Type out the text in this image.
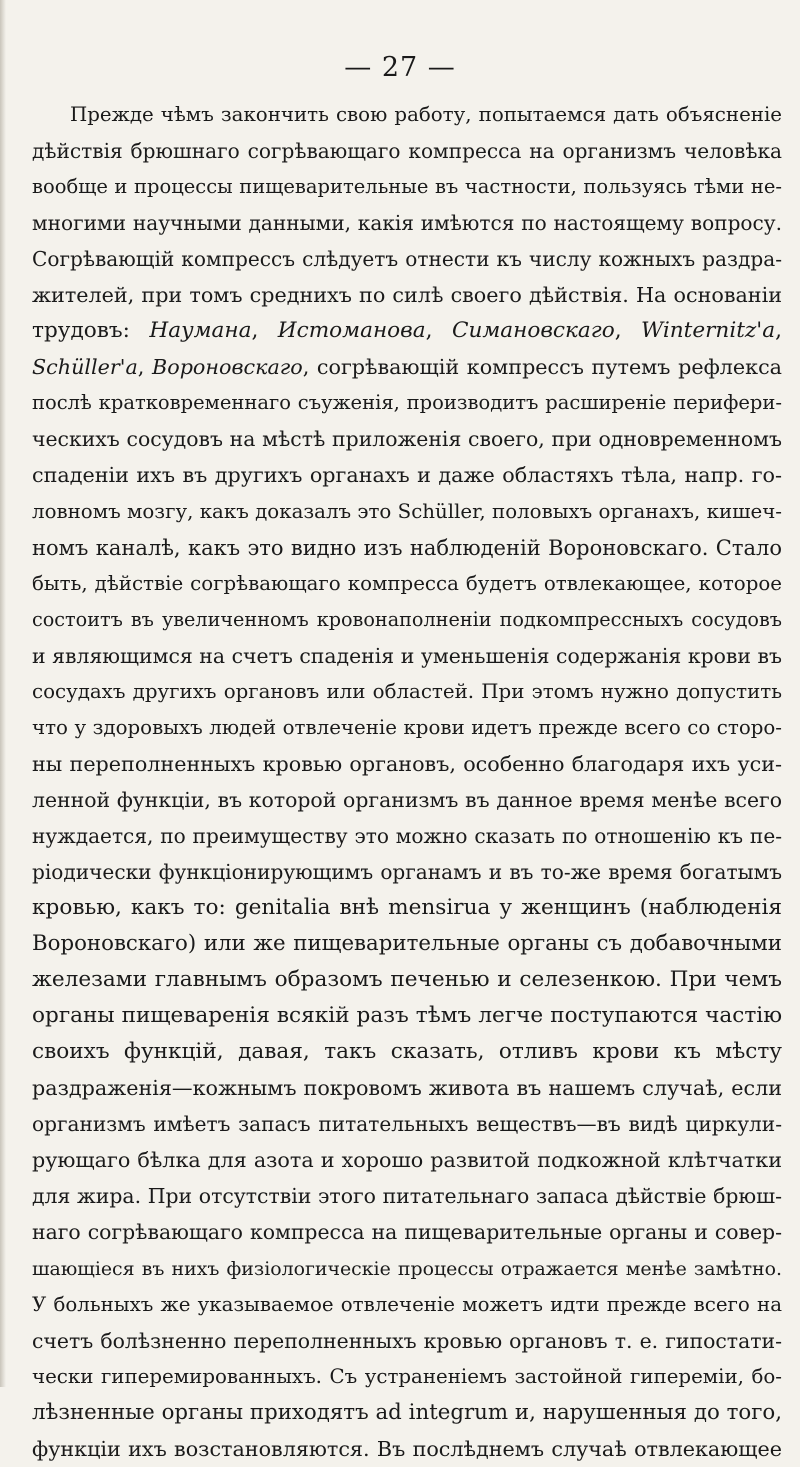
— 27 —
Прежде чѣмъ закончить свою работу, попытаемся дать объясненіе
дѣйствія брюшнаго согрѣвающаго компресса на организмъ человѣка
вообще и процессы пищеварительные въ частности, пользуясь тѣми не-
многими научными данными, какія имѣются по настоящему вопросу.
Согрѣвающій компрессъ слѣдуетъ отнести къ числу кожныхъ раздра-
жителей, при томъ среднихъ по силѣ своего дѣйствія. На основаніи
трудовъ: Наумана, Истоманова, Симановскаго, Winternitz'а,
Schüller'а, Вороновскаго, согрѣвающій компрессъ путемъ рефлекса
послѣ кратковременнаго съуженія, производитъ расширеніе перифери-
ческихъ сосудовъ на мѣстѣ приложенія своего, при одновременномъ
спаденіи ихъ въ другихъ органахъ и даже областяхъ тѣла, напр. го-
ловномъ мозгу, какъ доказалъ это Schüller, половыхъ органахъ, кишеч-
номъ каналѣ, какъ это видно изъ наблюденій Вороновскаго. Стало
быть, дѣйствіе согрѣвающаго компресса будетъ отвлекающее, которое
состоитъ въ увеличенномъ кровонаполненіи подкомпрессныхъ сосудовъ
и являющимся на счетъ спаденія и уменьшенія содержанія крови въ
сосудахъ другихъ органовъ или областей. При этомъ нужно допустить
что у здоровыхъ людей отвлеченіе крови идетъ прежде всего со сторо-
ны переполненныхъ кровью органовъ, особенно благодаря ихъ уси-
ленной функціи, въ которой организмъ въ данное время менѣе всего
нуждается, по преимуществу это можно сказать по отношенію къ пе-
ріодически функціонирующимъ органамъ и въ то-же время богатымъ
кровью, какъ то: genitalia внѣ mensirua у женщинъ (наблюденія
Вороновскаго) или же пищеварительные органы съ добавочными
железами главнымъ образомъ печенью и селезенкою. При чемъ
органы пищеваренія всякій разъ тѣмъ легче поступаются частію
своихъ функцій, давая, такъ сказать, отливъ крови къ мѣсту
раздраженія—кожнымъ покровомъ живота въ нашемъ случаѣ, если
организмъ имѣетъ запасъ питательныхъ веществъ—въ видѣ циркули-
рующаго бѣлка для азота и хорошо развитой подкожной клѣтчатки
для жира. При отсутствіи этого питательнаго запаса дѣйствіе брюш-
наго согрѣвающаго компресса на пищеварительные органы и совер-
шающіеся въ нихъ физіологическіе процессы отражается менѣе замѣтно.
У больныхъ же указываемое отвлеченіе можетъ идти прежде всего на
счетъ болѣзненно переполненныхъ кровью органовъ т. е. гипостати-
чески гиперемированныхъ. Съ устраненіемъ застойной гипереміи, бо-
лѣзненные органы приходятъ ad integrum и, нарушенныя до того,
функціи ихъ возстановляются. Въ послѣднемъ случаѣ отвлекающее
